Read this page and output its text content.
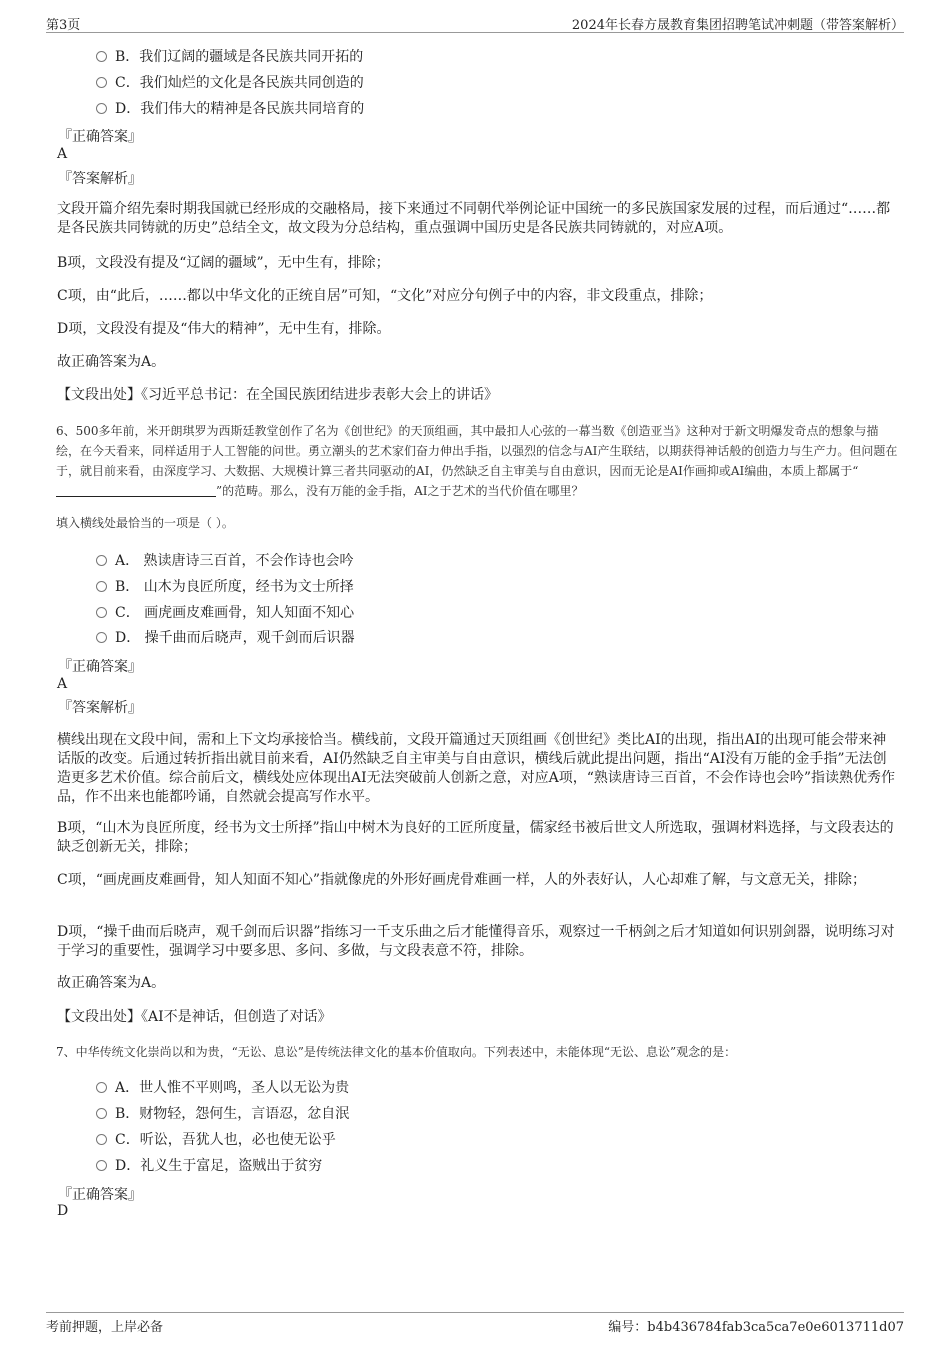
第3页	2024年长春方晟教育集团招聘笔试冲刺题（带答案解析）
B．我们辽阔的疆域是各民族共同开拓的
C．我们灿烂的文化是各民族共同创造的
D．我们伟大的精神是各民族共同培育的
『正确答案』
A
『答案解析』
文段开篇介绍先秦时期我国就已经形成的交融格局，接下来通过不同朝代举例论证中国统一的多民族国家发展的过程，而后通过“……都是各民族共同铸就的历史”总结全文，故文段为分总结构，重点强调中国历史是各民族共同铸就的，对应A项。
B项，文段没有提及“辽阔的疆域”，无中生有，排除；
C项，由“此后，……都以中华文化的正统自居”可知，“文化”对应分句例子中的内容，非文段重点，排除；
D项，文段没有提及“伟大的精神”，无中生有，排除。
故正确答案为A。
【文段出处】《习近平总书记：在全国民族团结进步表彰大会上的讲话》
6、500多年前，米开朗琪罗为西斯廷教堂创作了名为《创世纪》的天顶组画，其中最扣人心弦的一幕当数《创造亚当》这种对于新文明爆发奇点的想象与描绘，在今天看来，同样适用于人工智能的问世。勇立潮头的艺术家们奋力伸出手指，以强烈的信念与AI产生联结，以期获得神话般的创造力与生产力。但问题在于，就目前来看，由深度学习、大数据、大规模计算三者共同驱动的AI，仍然缺乏自主审美与自由意识，因而无论是AI作画抑或AI编曲，本质上都属于“”的范畴。那么，没有万能的金手指，AI之于艺术的当代价值在哪里？
填入横线处最恰当的一项是（ ）。
A． 熟读唐诗三百首，不会作诗也会吟
B． 山木为良匠所度，经书为文士所择
C． 画虎画皮难画骨，知人知面不知心
D． 操千曲而后晓声，观千剑而后识器
『正确答案』
A
『答案解析』
横线出现在文段中间，需和上下文均承接恰当。横线前，文段开篇通过天顶组画《创世纪》类比AI的出现，指出AI的出现可能会带来神话版的改变。后通过转折指出就目前来看，AI仍然缺乏自主审美与自由意识，横线后就此提出问题，指出“AI没有万能的金手指”无法创造更多艺术价值。综合前后文，横线处应体现出AI无法突破前人创新之意，对应A项，“熟读唐诗三百首，不会作诗也会吟”指读熟优秀作品，作不出来也能都吟诵，自然就会提高写作水平。
B项，“山木为良匠所度，经书为文士所择”指山中树木为良好的工匠所度量，儒家经书被后世文人所选取，强调材料选择，与文段表达的缺乏创新无关，排除；
C项，“画虎画皮难画骨，知人知面不知心”指就像虎的外形好画虎骨难画一样，人的外表好认，人心却难了解，与文意无关，排除；
D项，“操千曲而后晓声，观千剑而后识器”指练习一千支乐曲之后才能懂得音乐，观察过一千柄剑之后才知道如何识别剑器，说明练习对于学习的重要性，强调学习中要多思、多问、多做，与文段表意不符，排除。
故正确答案为A。
【文段出处】《AI不是神话，但创造了对话》
7、中华传统文化崇尚以和为贵，“无讼、息讼”是传统法律文化的基本价值取向。下列表述中，未能体现“无讼、息讼”观念的是：
A．世人惟不平则鸣，圣人以无讼为贵
B．财物轻，怨何生，言语忍，忿自泯
C．听讼，吾犹人也，必也使无讼乎
D．礼义生于富足，盗贼出于贫穷
『正确答案』
D
考前押题，上岸必备	编号：b4b436784fab3ca5ca7e0e6013711d07
